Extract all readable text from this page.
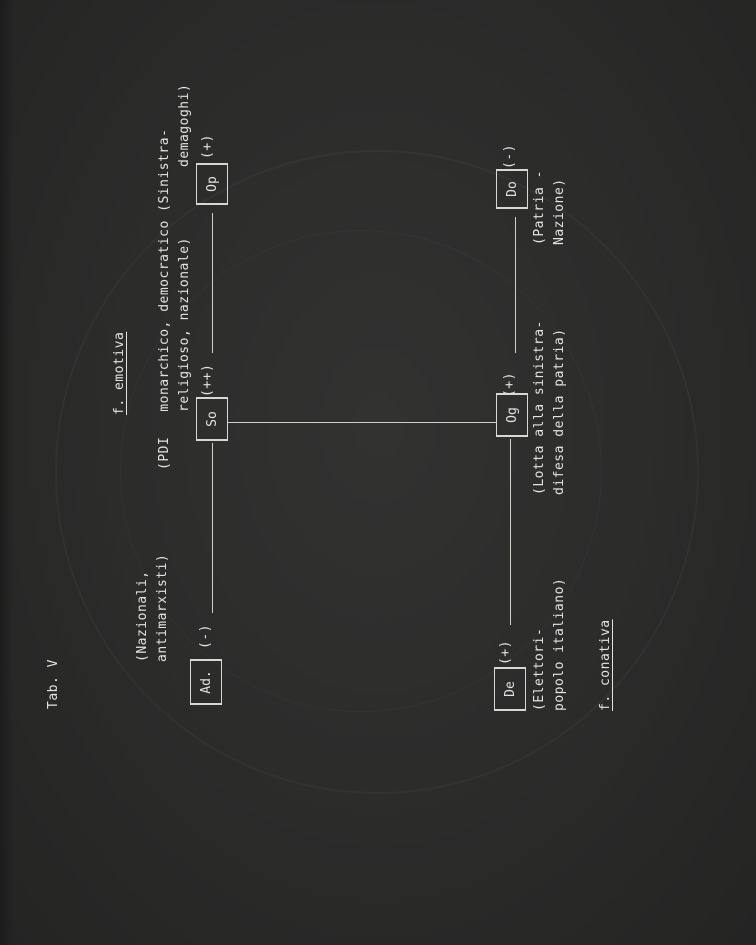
Tab. V
f. emotiva
(Nazionali, antimarxisti)
(PDI   monarchico, democratico (Sinistra- religioso, nazionale)
demagoghi)
Ad.
(-)
So
(++)
Op
(+)
De
(+)
Og
(+)
Do
(-)
(Elettori- popolo italiano)
(Lotta alla sinistra- difesa della patria)
(Patria - Nazione)
f. conativa
